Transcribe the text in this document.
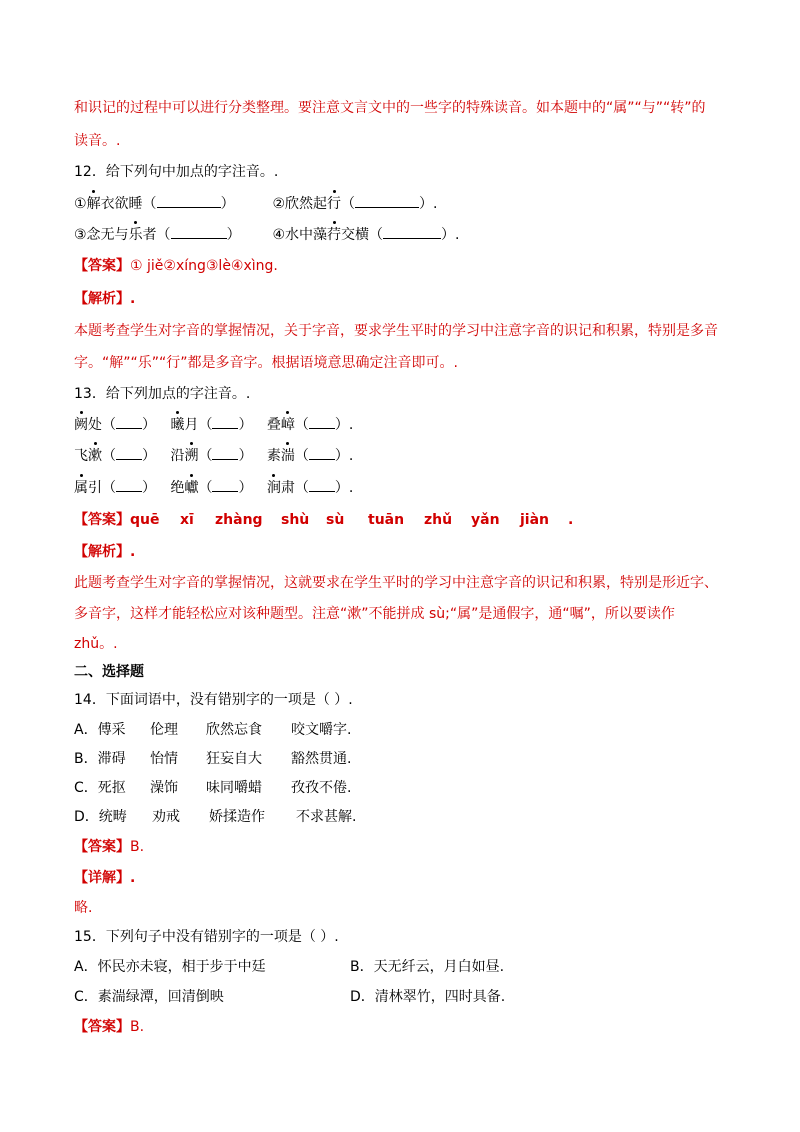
和识记的过程中可以进行分类整理。要注意文言文中的一些字的特殊读音。如本题中的“属”“与”“转”的
读音。.
12．给下列句中加点的字注音。.
①解衣欲睡（	）	②欣然起行（	）.
③念无与乐者（	） ④水中藻荇交横（	）.
【答案】① jiě②xíng③lè④xìng.
【解析】.
本题考查学生对字音的掌握情况，关于字音，要求学生平时的学习中注意字音的识记和积累，特别是多音
字。“解”“乐”“行”都是多音字。根据语境意思确定注音即可。.
13．给下列加点的字注音。.
阙处（ ） 曦月（ ） 叠嶂（ ）.
飞漱（ ） 沿溯（ ） 素湍（ ）.
属引（ ） 绝巘（ ） 涧肃（ ）.
【答案】 quē xī zhàng shù sù tuān zhǔ yǎn jiàn .
【解析】.
此题考查学生对字音的掌握情况，这就要求在学生平时的学习中注意字音的识记和积累，特别是形近字、
多音字，这样才能轻松应对该种题型。注意“漱”不能拼成 sù;“属”是通假字，通“嘱”，所以要读作
zhǔ。.
二、选择题
14．下面词语中，没有错别字的一项是（ ）.
A．傅采 伦理 欣然忘食 咬文嚼字.
B．滞碍 怡情 狂妄自大 豁然贯通.
C．死抠 澡饰 味同嚼蜡 孜孜不倦.
D．统畴 劝戒 娇揉造作 不求甚解.
【答案】B.
【详解】.
略.
15．下列句子中没有错别字的一项是（ ）.
A．怀民亦未寝，相于步于中廷	B．天无纤云，月白如昼.
C．素湍绿潭，回清倒映	D．清林翠竹，四时具备.
【答案】B.
